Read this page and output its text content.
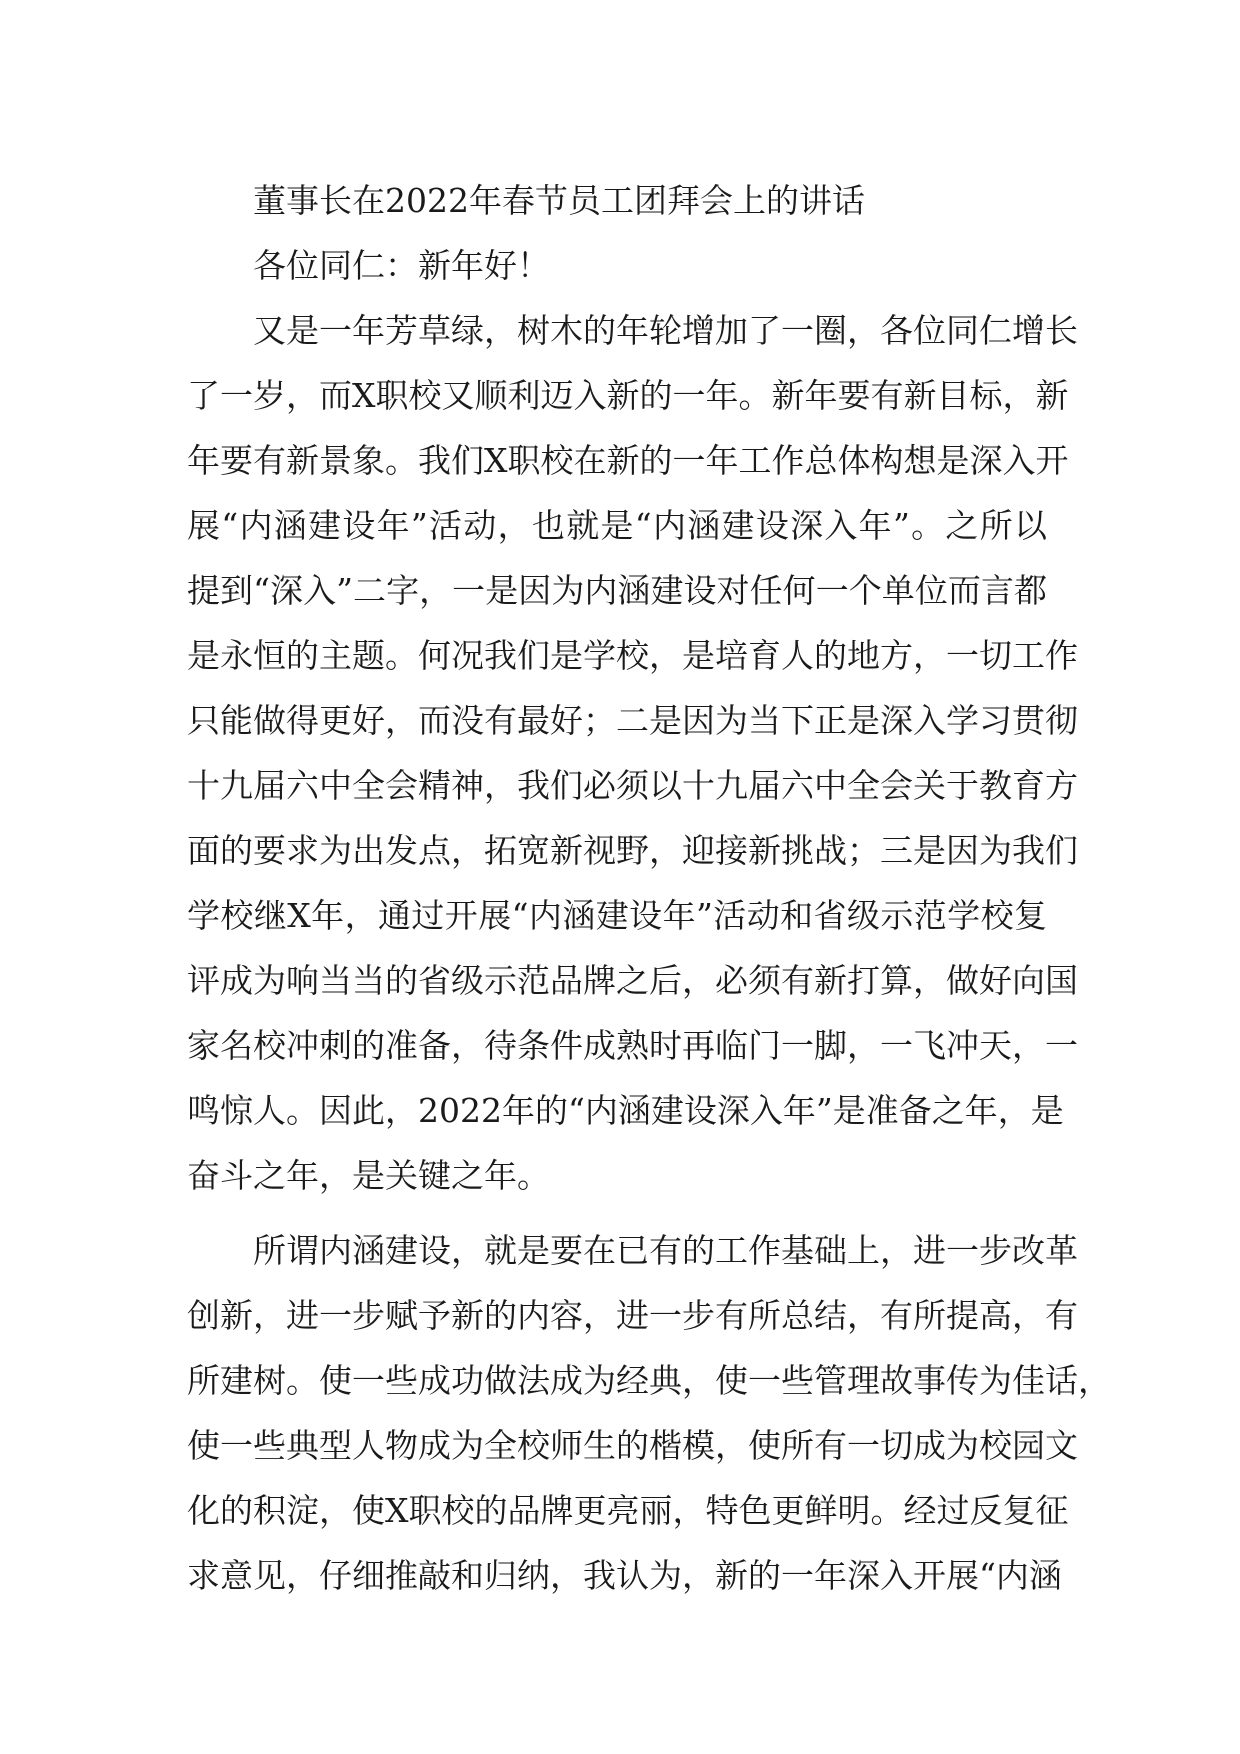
董事长在2022年春节员工团拜会上的讲话

各位同仁：新年好！

又是一年芳草绿，树木的年轮增加了一圈，各位同仁增长

了一岁，而X职校又顺利迈入新的一年。新年要有新目标，新

年要有新景象。我们X职校在新的一年工作总体构想是深入开

展“内涵建设年”活动，也就是“内涵建设深入年”。之所以

提到“深入”二字，一是因为内涵建设对任何一个单位而言都

是永恒的主题。何况我们是学校，是培育人的地方，一切工作

只能做得更好，而没有最好；二是因为当下正是深入学习贯彻

十九届六中全会精神，我们必须以十九届六中全会关于教育方

面的要求为出发点，拓宽新视野，迎接新挑战；三是因为我们

学校继X年，通过开展“内涵建设年”活动和省级示范学校复

评成为响当当的省级示范品牌之后，必须有新打算，做好向国

家名校冲刺的准备，待条件成熟时再临门一脚，一飞冲天，一

鸣惊人。因此，2022年的“内涵建设深入年”是准备之年，是

奋斗之年，是关键之年。

所谓内涵建设，就是要在已有的工作基础上，进一步改革

创新，进一步赋予新的内容，进一步有所总结，有所提高，有

所建树。使一些成功做法成为经典，使一些管理故事传为佳话，

使一些典型人物成为全校师生的楷模，使所有一切成为校园文

化的积淀，使X职校的品牌更亮丽，特色更鲜明。经过反复征

求意见，仔细推敲和归纳，我认为，新的一年深入开展“内涵
